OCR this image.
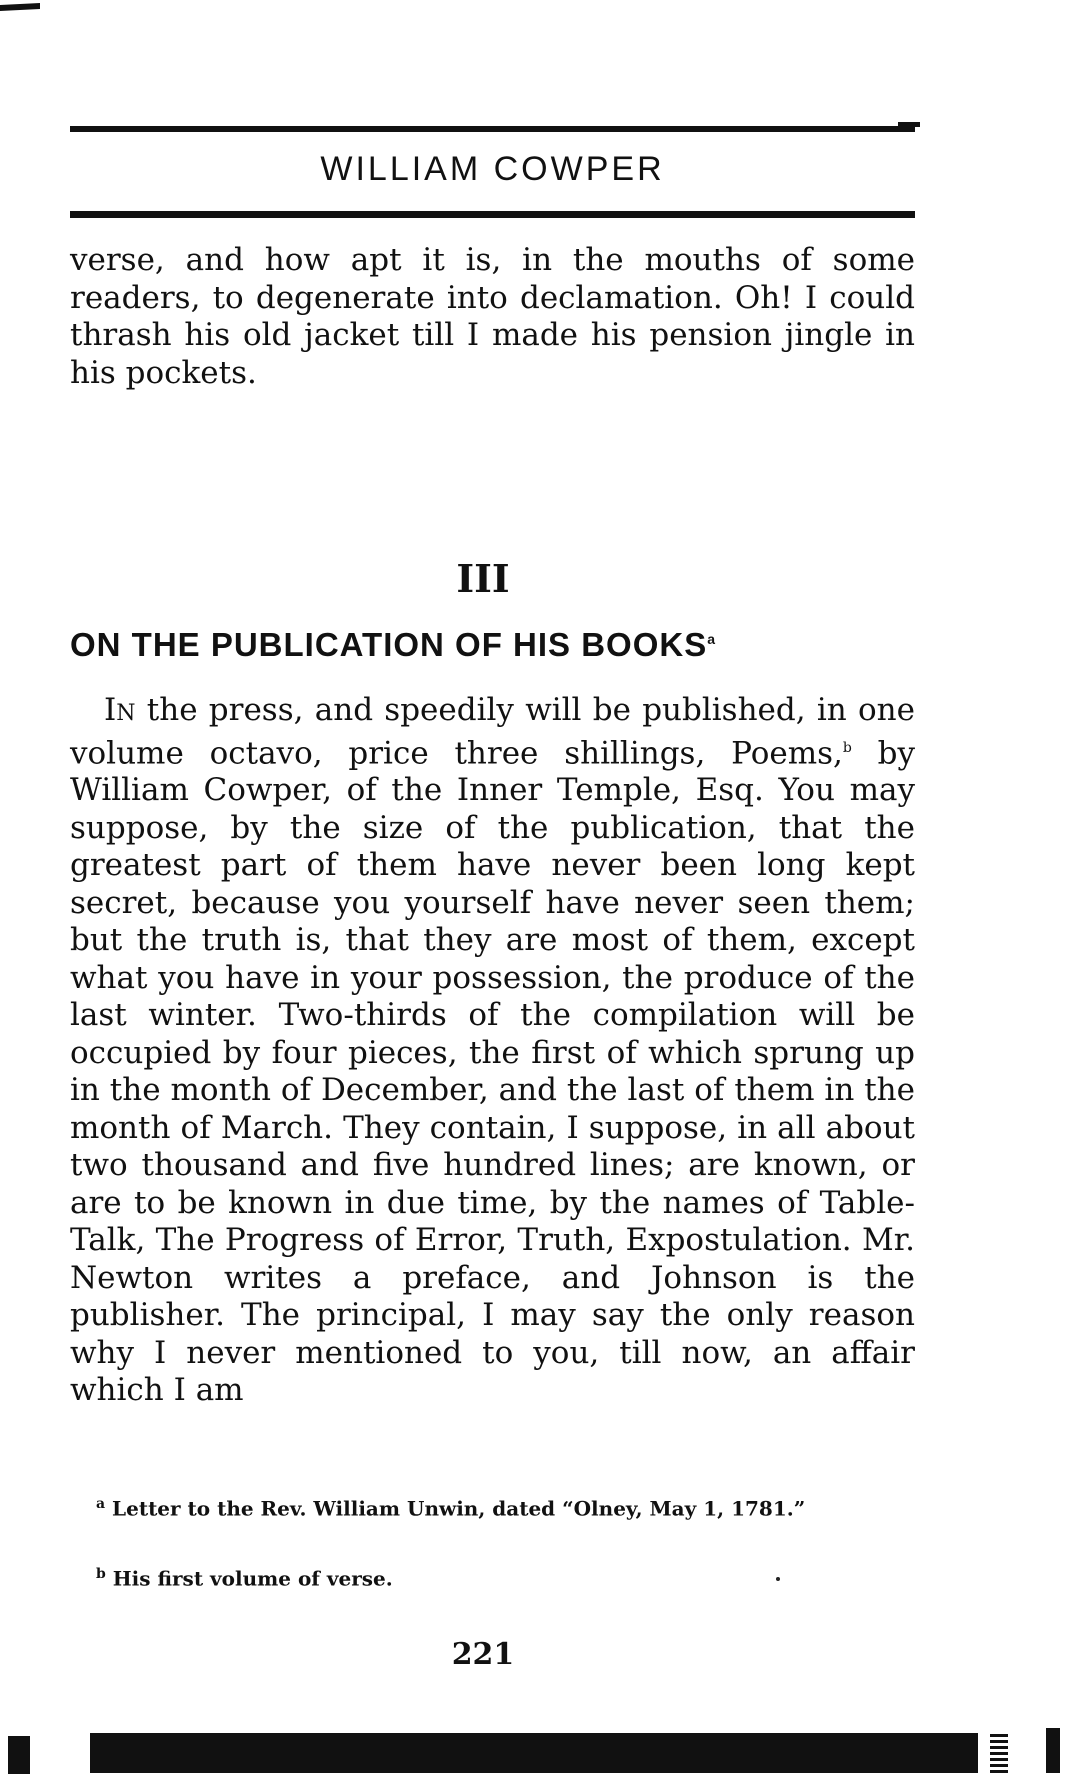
WILLIAM COWPER

verse, and how apt it is, in the mouths of some readers, to degenerate into declamation. Oh! I could thrash his old jacket till I made his pension jingle in his pockets.

III
ON THE PUBLICATION OF HIS BOOKS$^a$

In the press, and speedily will be published, in one volume octavo, price three shillings, Poems,$^b$ by William Cowper, of the Inner Temple, Esq. You may suppose, by the size of the publication, that the greatest part of them have never been long kept secret, because you yourself have never seen them; but the truth is, that they are most of them, except what you have in your possession, the produce of the last winter. Two-thirds of the compilation will be occupied by four pieces, the first of which sprung up in the month of December, and the last of them in the month of March. They contain, I suppose, in all about two thousand and five hundred lines; are known, or are to be known in due time, by the names of Table-Talk, The Progress of Error, Truth, Expostulation. Mr. Newton writes a preface, and Johnson is the publisher. The principal, I may say the only reason why I never mentioned to you, till now, an affair which I am

$^a$ Letter to the Rev. William Unwin, dated “Olney, May 1, 1781.”
$^b$ His first volume of verse.
221
